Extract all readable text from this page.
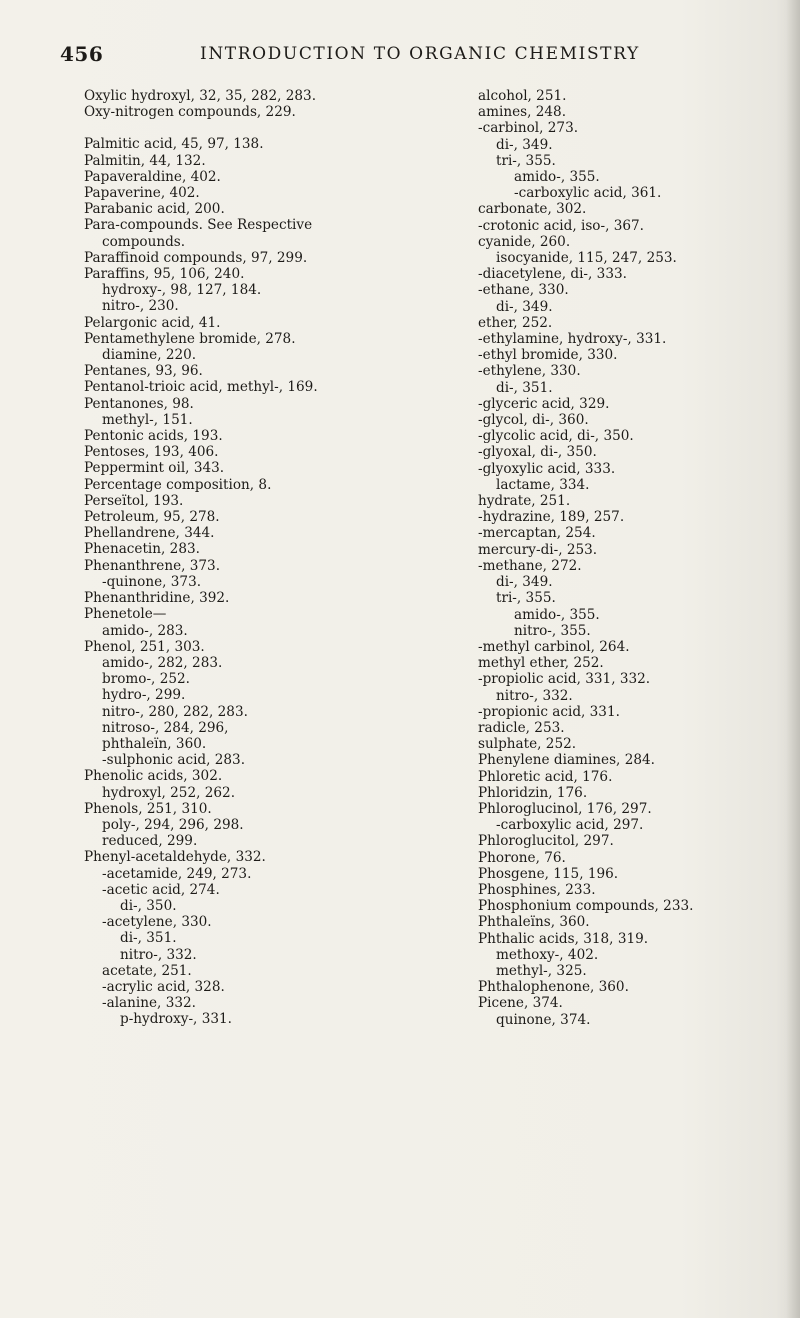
456	INTRODUCTION TO ORGANIC CHEMISTRY
Oxylic hydroxyl, 32, 35, 282, 283.
Oxy-nitrogen compounds, 229.
Palmitic acid, 45, 97, 138.
Palmitin, 44, 132.
Papaveraldine, 402.
Papaverine, 402.
Parabanic acid, 200.
Para-compounds. See Respective
compounds.
Paraffinoid compounds, 97, 299.
Paraffins, 95, 106, 240.
hydroxy-, 98, 127, 184.
nitro-, 230.
Pelargonic acid, 41.
Pentamethylene bromide, 278.
diamine, 220.
Pentanes, 93, 96.
Pentanol-trioic acid, methyl-, 169.
Pentanones, 98.
methyl-, 151.
Pentonic acids, 193.
Pentoses, 193, 406.
Peppermint oil, 343.
Percentage composition, 8.
Perseïtol, 193.
Petroleum, 95, 278.
Phellandrene, 344.
Phenacetin, 283.
Phenanthrene, 373.
-quinone, 373.
Phenanthridine, 392.
Phenetole—
amido-, 283.
Phenol, 251, 303.
amido-, 282, 283.
bromo-, 252.
hydro-, 299.
nitro-, 280, 282, 283.
nitroso-, 284, 296,
phthaleïn, 360.
-sulphonic acid, 283.
Phenolic acids, 302.
hydroxyl, 252, 262.
Phenols, 251, 310.
poly-, 294, 296, 298.
reduced, 299.
Phenyl-acetaldehyde, 332.
-acetamide, 249, 273.
-acetic acid, 274.
di-, 350.
-acetylene, 330.
di-, 351.
nitro-, 332.
acetate, 251.
-acrylic acid, 328.
-alanine, 332.
p-hydroxy-, 331.
alcohol, 251.
amines, 248.
-carbinol, 273.
di-, 349.
tri-, 355.
amido-, 355.
-carboxylic acid, 361.
carbonate, 302.
-crotonic acid, iso-, 367.
cyanide, 260.
isocyanide, 115, 247, 253.
-diacetylene, di-, 333.
-ethane, 330.
di-, 349.
ether, 252.
-ethylamine, hydroxy-, 331.
-ethyl bromide, 330.
-ethylene, 330.
di-, 351.
-glyceric acid, 329.
-glycol, di-, 360.
-glycolic acid, di-, 350.
-glyoxal, di-, 350.
-glyoxylic acid, 333.
lactame, 334.
hydrate, 251.
-hydrazine, 189, 257.
-mercaptan, 254.
mercury-di-, 253.
-methane, 272.
di-, 349.
tri-, 355.
amido-, 355.
nitro-, 355.
-methyl carbinol, 264.
methyl ether, 252.
-propiolic acid, 331, 332.
nitro-, 332.
-propionic acid, 331.
radicle, 253.
sulphate, 252.
Phenylene diamines, 284.
Phloretic acid, 176.
Phloridzin, 176.
Phloroglucinol, 176, 297.
-carboxylic acid, 297.
Phloroglucitol, 297.
Phorone, 76.
Phosgene, 115, 196.
Phosphines, 233.
Phosphonium compounds, 233.
Phthaleïns, 360.
Phthalic acids, 318, 319.
methoxy-, 402.
methyl-, 325.
Phthalophenone, 360.
Picene, 374.
quinone, 374.
